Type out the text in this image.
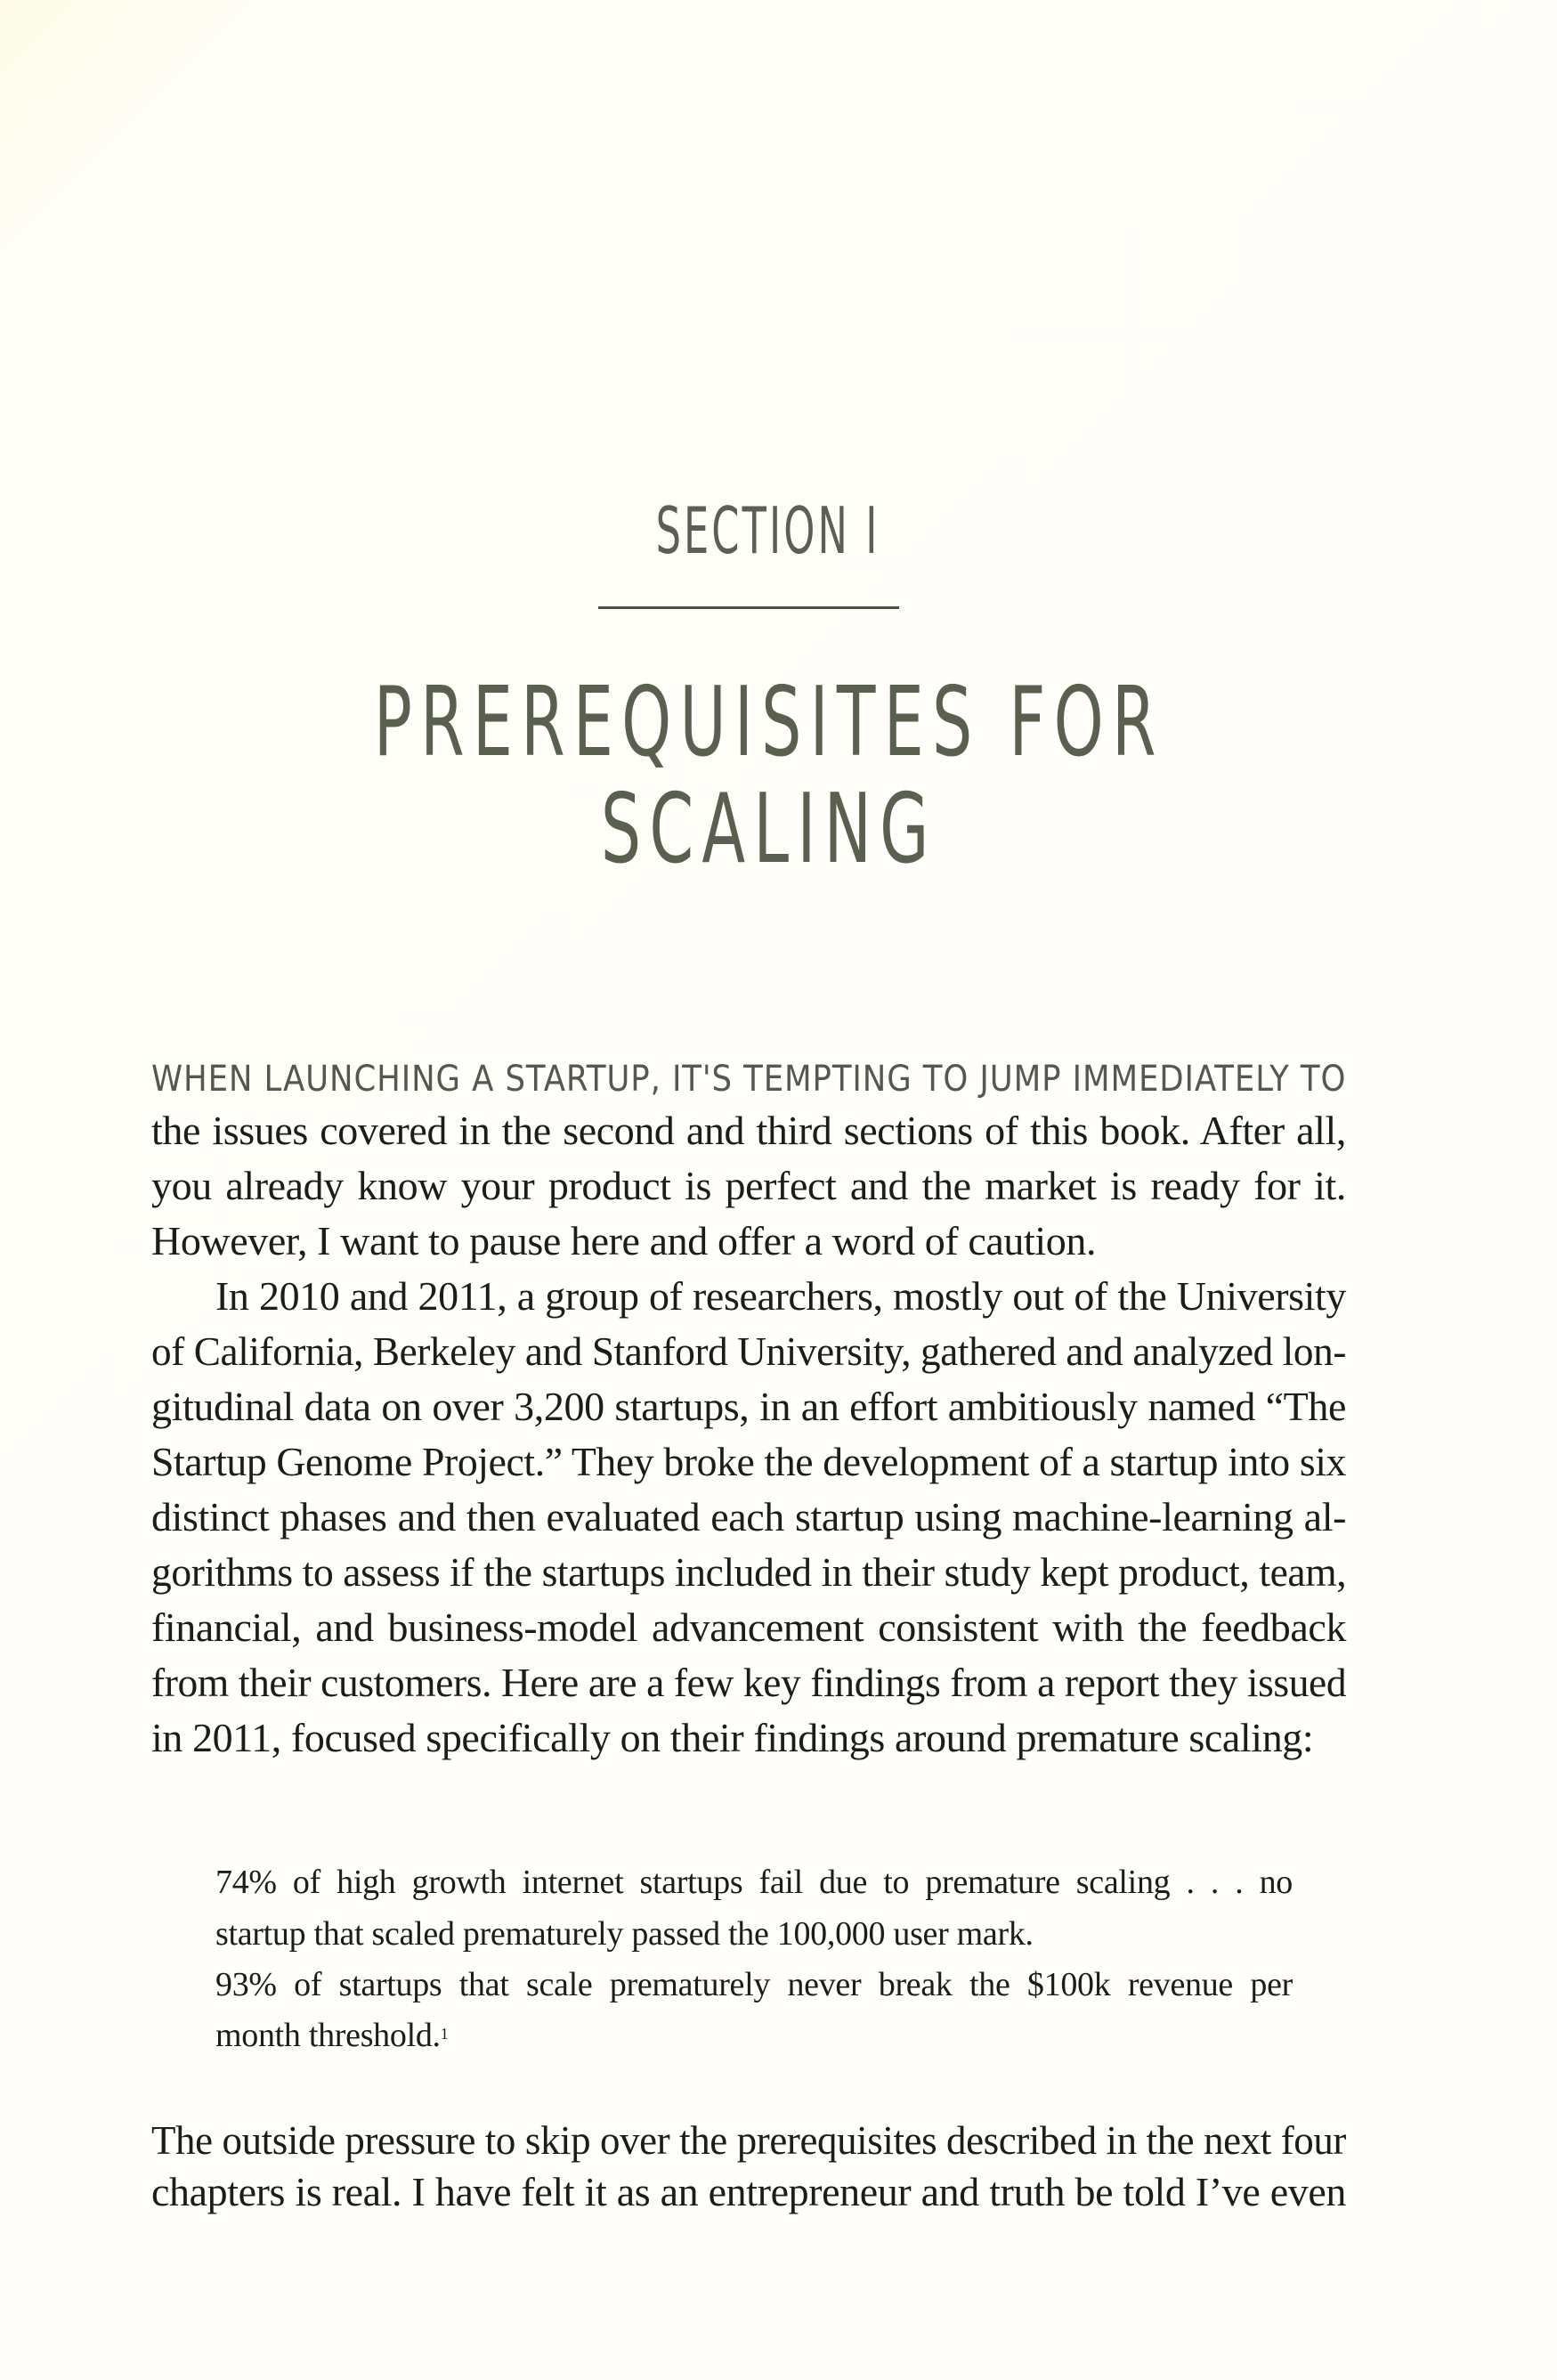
SECTION I
PREREQUISITES FOR SCALING
WHEN LAUNCHING A STARTUP, IT'S TEMPTING TO JUMP IMMEDIATELY TO
the issues covered in the second and third sections of this book. After all,
you already know your product is perfect and the market is ready for it.
However, I want to pause here and offer a word of caution.
In 2010 and 2011, a group of researchers, mostly out of the University
of California, Berkeley and Stanford University, gathered and analyzed lon-
gitudinal data on over 3,200 startups, in an effort ambitiously named “The
Startup Genome Project.” They broke the development of a startup into six
distinct phases and then evaluated each startup using machine-learning al-
gorithms to assess if the startups included in their study kept product, team,
financial, and business-model advancement consistent with the feedback
from their customers. Here are a few key findings from a report they issued
in 2011, focused specifically on their findings around premature scaling:
74% of high growth internet startups fail due to premature scaling . . . no
startup that scaled prematurely passed the 100,000 user mark.
93% of startups that scale prematurely never break the $100k revenue per
month threshold.$^1$
The outside pressure to skip over the prerequisites described in the next four
chapters is real. I have felt it as an entrepreneur and truth be told I’ve even
